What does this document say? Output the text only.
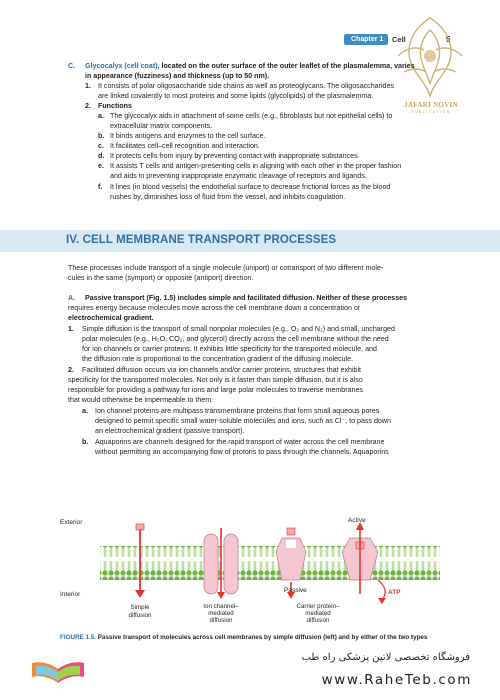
Chapter 1	Cell	5
JAFARI NOVIN
PUBLICATION
C. Glycocalyx (cell coat), located on the outer surface of the outer leaflet of the plasmalemma, varies
in appearance (fuzziness) and thickness (up to 50 nm).
1. It consists of polar oligosaccharide side chains as well as proteoglycans. The oligosaccharides
are linked covalently to most proteins and some lipids (glycolipids) of the plasmalemma.
2. Functions
a. The glycocalyx aids in attachment of some cells (e.g., fibroblasts but not epithelial cells) to
extracellular matrix components.
b. It binds antigens and enzymes to the cell surface.
c. It facilitates cell–cell recognition and interaction.
d. It protects cells from injury by preventing contact with inappropriate substances.
e. It assists T cells and antigen-presenting cells in aligning with each other in the proper fashion
and aids in preventing inappropriate enzymatic cleavage of receptors and ligands.
f. It lines (in blood vessels) the endothelial surface to decrease frictional forces as the blood
rushes by, diminishes loss of fluid from the vessel, and inhibits coagulation.
IV. CELL MEMBRANE TRANSPORT PROCESSES
These processes include transport of a single molecule (uniport) or cotransport of two different mole-
cules in the same (symport) or opposite (antiport) direction.
A. Passive transport (Fig. 1.5) includes simple and facilitated diffusion. Neither of these processes
requires energy because molecules move across the cell membrane down a concentration or
electrochemical gradient.
1. Simple diffusion is the transport of small nonpolar molecules (e.g., O₂ and N₂) and small, uncharged
polar molecules (e.g., H₂O, CO₂, and glycerol) directly across the cell membrane without the need
for ion channels or carrier proteins. It exhibits little specificity for the transported molecule, and
the diffusion rate is proportional to the concentration gradient of the diffusing molecule.
2. Facilitated diffusion occurs via ion channels and/or carrier proteins, structures that exhibit
specificity for the transported molecules. Not only is it faster than simple diffusion, but it is also
responsible for providing a pathway for ions and large polar molecules to traverse membranes
that would otherwise be impermeable to them.
a. Ion channel proteins are multipass transmembrane proteins that form small aqueous pores
designed to permit specific small water-soluble molecules and ions, such as Cl⁻, to pass down
an electrochemical gradient (passive transport).
b. Aquaporins are channels designed for the rapid transport of water across the cell membrane
without permitting an accompanying flow of protons to pass through the channels. Aquaporins
Exterior
Interior
Active
Passive	ATP
Simple
diffusion
Ion channel–
mediated
diffusion
Carrier protein–
mediated
diffusion
FIGURE 1.5. Passive transport of molecules across cell membranes by simple diffusion (left) and by either of the two types
فروشگاه تخصصی لاتین پزشکی راه طب
www.RaheTeb.com
